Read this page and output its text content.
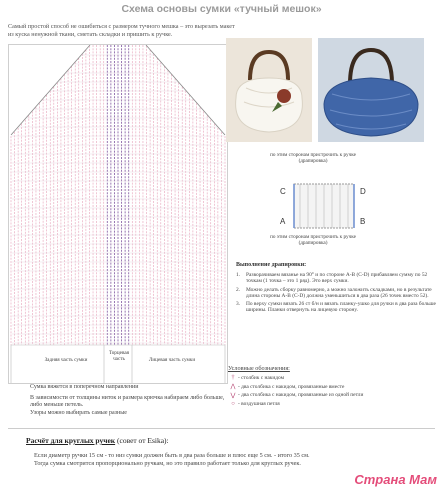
Схема основы сумки «тучный мешок»
Самый простой способ не ошибиться с размером тучного мешка – это вырезать макет из куска ненужной ткани, сметать складки и пришить к ручке.
Задняя часть сумки
Торцевая часть	Лицевая часть сумки
Сумка вяжется в поперечном направлении
В зависимости от толщины ниток и размера крючка набираем либо больше, либо меньше петель.
Узоры можно выбирать самые разные
по этим сторонам пристрочить к ручке (драпировка)
C	D
A	B
по этим сторонам пристрочить к ручке (драпировка)
Выполнение драпировки:
1.	Разворачиваем вязанье на 90° и по стороне A-B (C-D) прибавляем сумму по 52 точкам (1 точка – это 1 ряд). Это верх сумки.
2.	Можно делать сборку равномерно, а можно заложить складками, но в результате длина стороны A-B (C-D) должна уменьшиться в два раза (26 точек вместо 52).
3.	По верху сумки вязать 26 ст б/н и вязать планку-ушко для ручки в два раза больше ширины. Планки отвернуть на лицевую сторону.
Условные обозначения:
† - столбик с накидом
⋀ - два столбика с накидом, провязанные вместе
⋁ - два столбика с накидом, провязанные из одной петли
○ - воздушная петля
Расчёт для круглых ручек (совет от Esika):
Если диаметр ручки 15 см - то низ сумки должен быть в два раза больше и плюс еще 5 см. - итого 35 см.
Тогда сумка смотрится пропорционально ручкам, но это правило работает только для круглых ручек.
Страна Мам
